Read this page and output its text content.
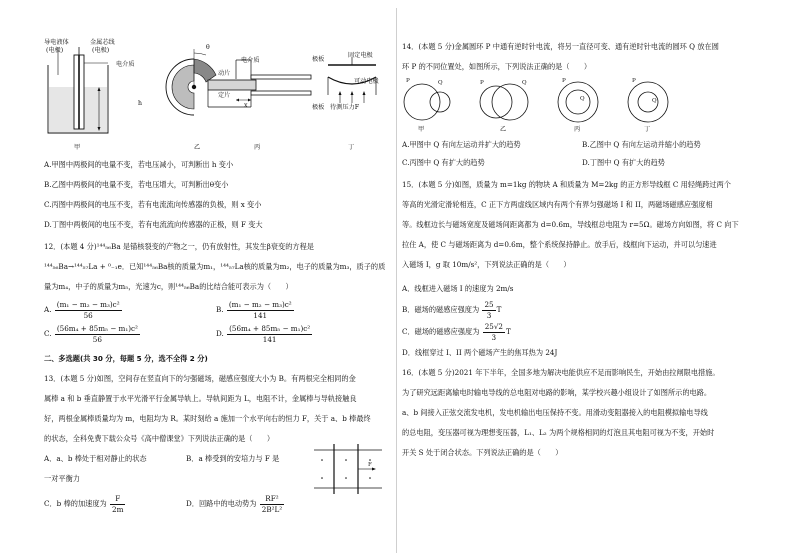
导电液体
(电极)
金属芯线
(电极)
电介质
h
甲
θ
动片
定片
乙
电介质	极板
极板
x
丙
固定电极
可动电极
待测压力F
丁
A.甲图中两极间的电量不变，若电压减小，可判断出 h 变小
B.乙图中两极间的电量不变，若电压增大，可判断出θ变小
C.丙图中两极间的电压不变，若有电流流向传感器的负极，则 x 变小
D.丁图中两极间的电压不变，若有电流流向传感器的正极，则 F 变大
12．(本题 4 分)¹⁴⁴₅₆Ba 是锚核裂变的产物之一，仍有放射性，其发生β衰变的方程是
¹⁴⁴₅₆Ba→¹⁴⁴₅₇La + ⁰₋₁e．已知¹⁴⁴₅₆Ba核的质量为m₁，¹⁴⁴₅₇La核的质量为m₂，电子的质量为m₃，质子的质
量为m₄，中子的质量为m₅，光速为c，则¹⁴⁴₅₆Ba的比结合能可表示为（　　）
A. $\frac{\text{(m₁ − m₂ − m₃)c²}}{56}$	B. $\frac{\text{(m₁ − m₂ − m₃)c²}}{141}$
C. $\frac{\text{(56m₄ + 85m₅ − m₁)c²}}{56}$	D. $\frac{\text{(56m₄ + 85m₅ − m₁)c²}}{141}$
二、多选题(共 30 分，每题 5 分，选不全得 2 分)
13．(本题 5 分)如图，空间存在竖直向下的匀强磁场，磁感应强度大小为 B。有两根完全相同的金
属棒 a 和 b 垂直静置于水平光滑平行金属导轨上。导轨间距为 L，电阻不计，金属棒与导轨接触良
好，两根金属棒质量均为 m，电阻均为 R。某时刻给 a 施加一个水平向右的恒力 F，关于 a、b 棒最终
的状态，全科免费下载公众号《高中僧课堂》下列说法正确的是（　　）
A．a、b 棒处于相对静止的状态	B．a 棒受到的安培力与 F 是
一对平衡力
C．b 棒的加速度为 $\frac{F}{2m}$	D．回路中的电动势为 $\frac{\text{RF²}}{\text{2B²L²}}$
F
14．(本题 5 分)金属圆环 P 中通有逆时针电流，将另一直径可变、通有逆时针电流的圆环 Q 放在圆
环 P 的不同位置处，如图所示，下列说法正确的是（　　）
P	Q	P	Q	P
Q
P
Q
甲	乙	丙	丁
A.甲图中 Q 有向左运动并扩大的趋势	B.乙图中 Q 有向左运动并缩小的趋势
C.丙图中 Q 有扩大的趋势	D.丁图中 Q 有扩大的趋势
15．(本题 5 分)如图，质量为 m=1kg 的物块 A 和质量为 M=2kg 的正方形导线框 C 用轻绳跨过两个
等高的光滑定滑轮相连，C 正下方两虚线区域内有两个有界匀强磁场 I 和 II，两磁场磁感应强度相
等。线框边长与磁场宽度及磁场间距离都为 d=0.6m，导线框总电阻为 r=5Ω。磁场方向如图，将 C 向下
拉住 A，使 C 与磁场距离为 d=0.6m，整个系统保持静止。放手后，线框向下运动，并可以匀速进
入磁场 I，g 取 10m/s²，下列说法正确的是（　　）
A．线框进入磁场 I 的速度为 2m/s
B．磁场的磁感应强度为 $\frac{25}{3}$ T
C．磁场的磁感应强度为 $\frac{25√2}{3}$ T
D．线框穿过 I、II 两个磁场产生的焦耳热为 24J
16．(本题 5 分)2021 年下半年，全国多地为解决电能供应不足而影响民生，开始由拉闸限电措施。
为了研究远距离输电时输电导线的总电阻对电路的影响，某学校兴趣小组设计了如图所示的电路。
a、b 间接入正弦交流发电机，发电机输出电压保持不变。用滑动变阻器接入的电阻模拟输电导线
的总电阻，变压器可视为理想变压器，L₁、L₂ 为两个规格相同的灯泡且其电阻可视为不变，开始时
开关 S 处于闭合状态。下列说法正确的是（　　）
